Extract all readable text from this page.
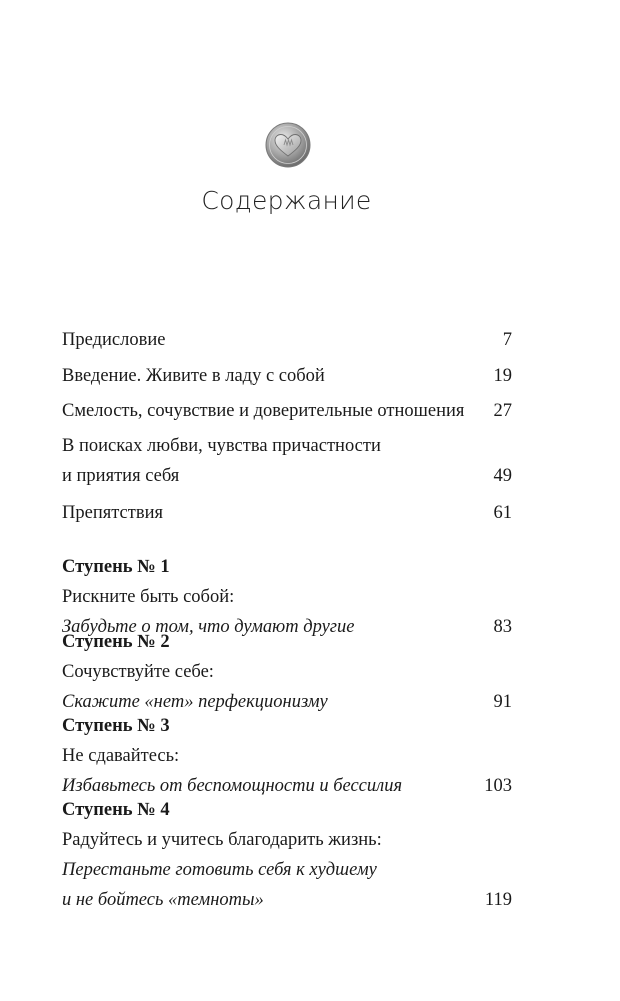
Содержание
Предисловие	7
Введение. Живите в ладу с собой	19
Смелость, сочувствие и доверительные отношения 27
В поисках любви, чувства причастности
и приятия себя	49
Препятствия	61
Ступень № 1
Рискните быть собой:
Забудьте о том, что думают другие	83
Ступень № 2
Сочувствуйте себе:
Скажите «нет» перфекционизму	91
Ступень № 3
Не сдавайтесь:
Избавьтесь от беспомощности и бессилия	103
Ступень № 4
Радуйтесь и учитесь благодарить жизнь:
Перестаньте готовить себя к худшему
и не бойтесь «темноты»	119
